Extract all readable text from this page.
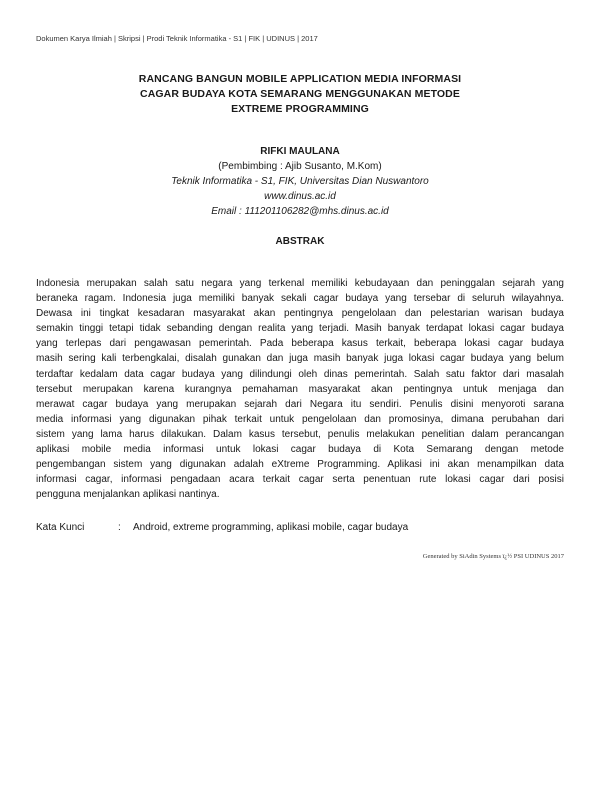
Dokumen Karya Ilmiah | Skripsi | Prodi Teknik Informatika - S1 | FIK | UDINUS | 2017
RANCANG BANGUN MOBILE APPLICATION MEDIA INFORMASI
CAGAR BUDAYA KOTA SEMARANG MENGGUNAKAN METODE
EXTREME PROGRAMMING
RIFKI MAULANA
(Pembimbing : Ajib Susanto, M.Kom)
Teknik Informatika - S1, FIK, Universitas Dian Nuswantoro
www.dinus.ac.id
Email : 111201106282@mhs.dinus.ac.id
ABSTRAK
Indonesia merupakan salah satu negara yang terkenal memiliki kebudayaan dan peninggalan sejarah yang
beraneka ragam. Indonesia juga memiliki banyak sekali cagar budaya yang tersebar di seluruh wilayahnya.
Dewasa ini tingkat kesadaran masyarakat akan pentingnya pengelolaan dan pelestarian warisan budaya
semakin tinggi tetapi tidak sebanding dengan realita yang terjadi. Masih banyak terdapat lokasi cagar budaya
yang terlepas dari pengawasan pemerintah. Pada beberapa kasus terkait, beberapa lokasi cagar budaya
masih sering kali terbengkalai, disalah gunakan dan juga masih banyak juga lokasi cagar budaya yang belum
terdaftar kedalam data cagar budaya yang dilindungi oleh dinas pemerintah. Salah satu faktor dari masalah
tersebut merupakan karena kurangnya pemahaman masyarakat akan pentingnya untuk menjaga dan
merawat cagar budaya yang merupakan sejarah dari Negara itu sendiri. Penulis disini menyoroti sarana
media informasi yang digunakan pihak terkait untuk pengelolaan dan promosinya, dimana perubahan dari
sistem yang lama harus dilakukan. Dalam kasus tersebut, penulis melakukan penelitian dalam perancangan
aplikasi mobile media informasi untuk lokasi cagar budaya di Kota Semarang dengan metode
pengembangan sistem yang digunakan adalah eXtreme Programming. Aplikasi ini akan menampilkan data
informasi cagar, informasi pengadaan acara terkait cagar serta penentuan rute lokasi cagar dari posisi
pengguna menjalankan aplikasi nantinya.
Kata Kunci	:	Android, extreme programming, aplikasi mobile, cagar budaya
Generated by SiAdin Systems ï¿½ PSI UDINUS 2017
